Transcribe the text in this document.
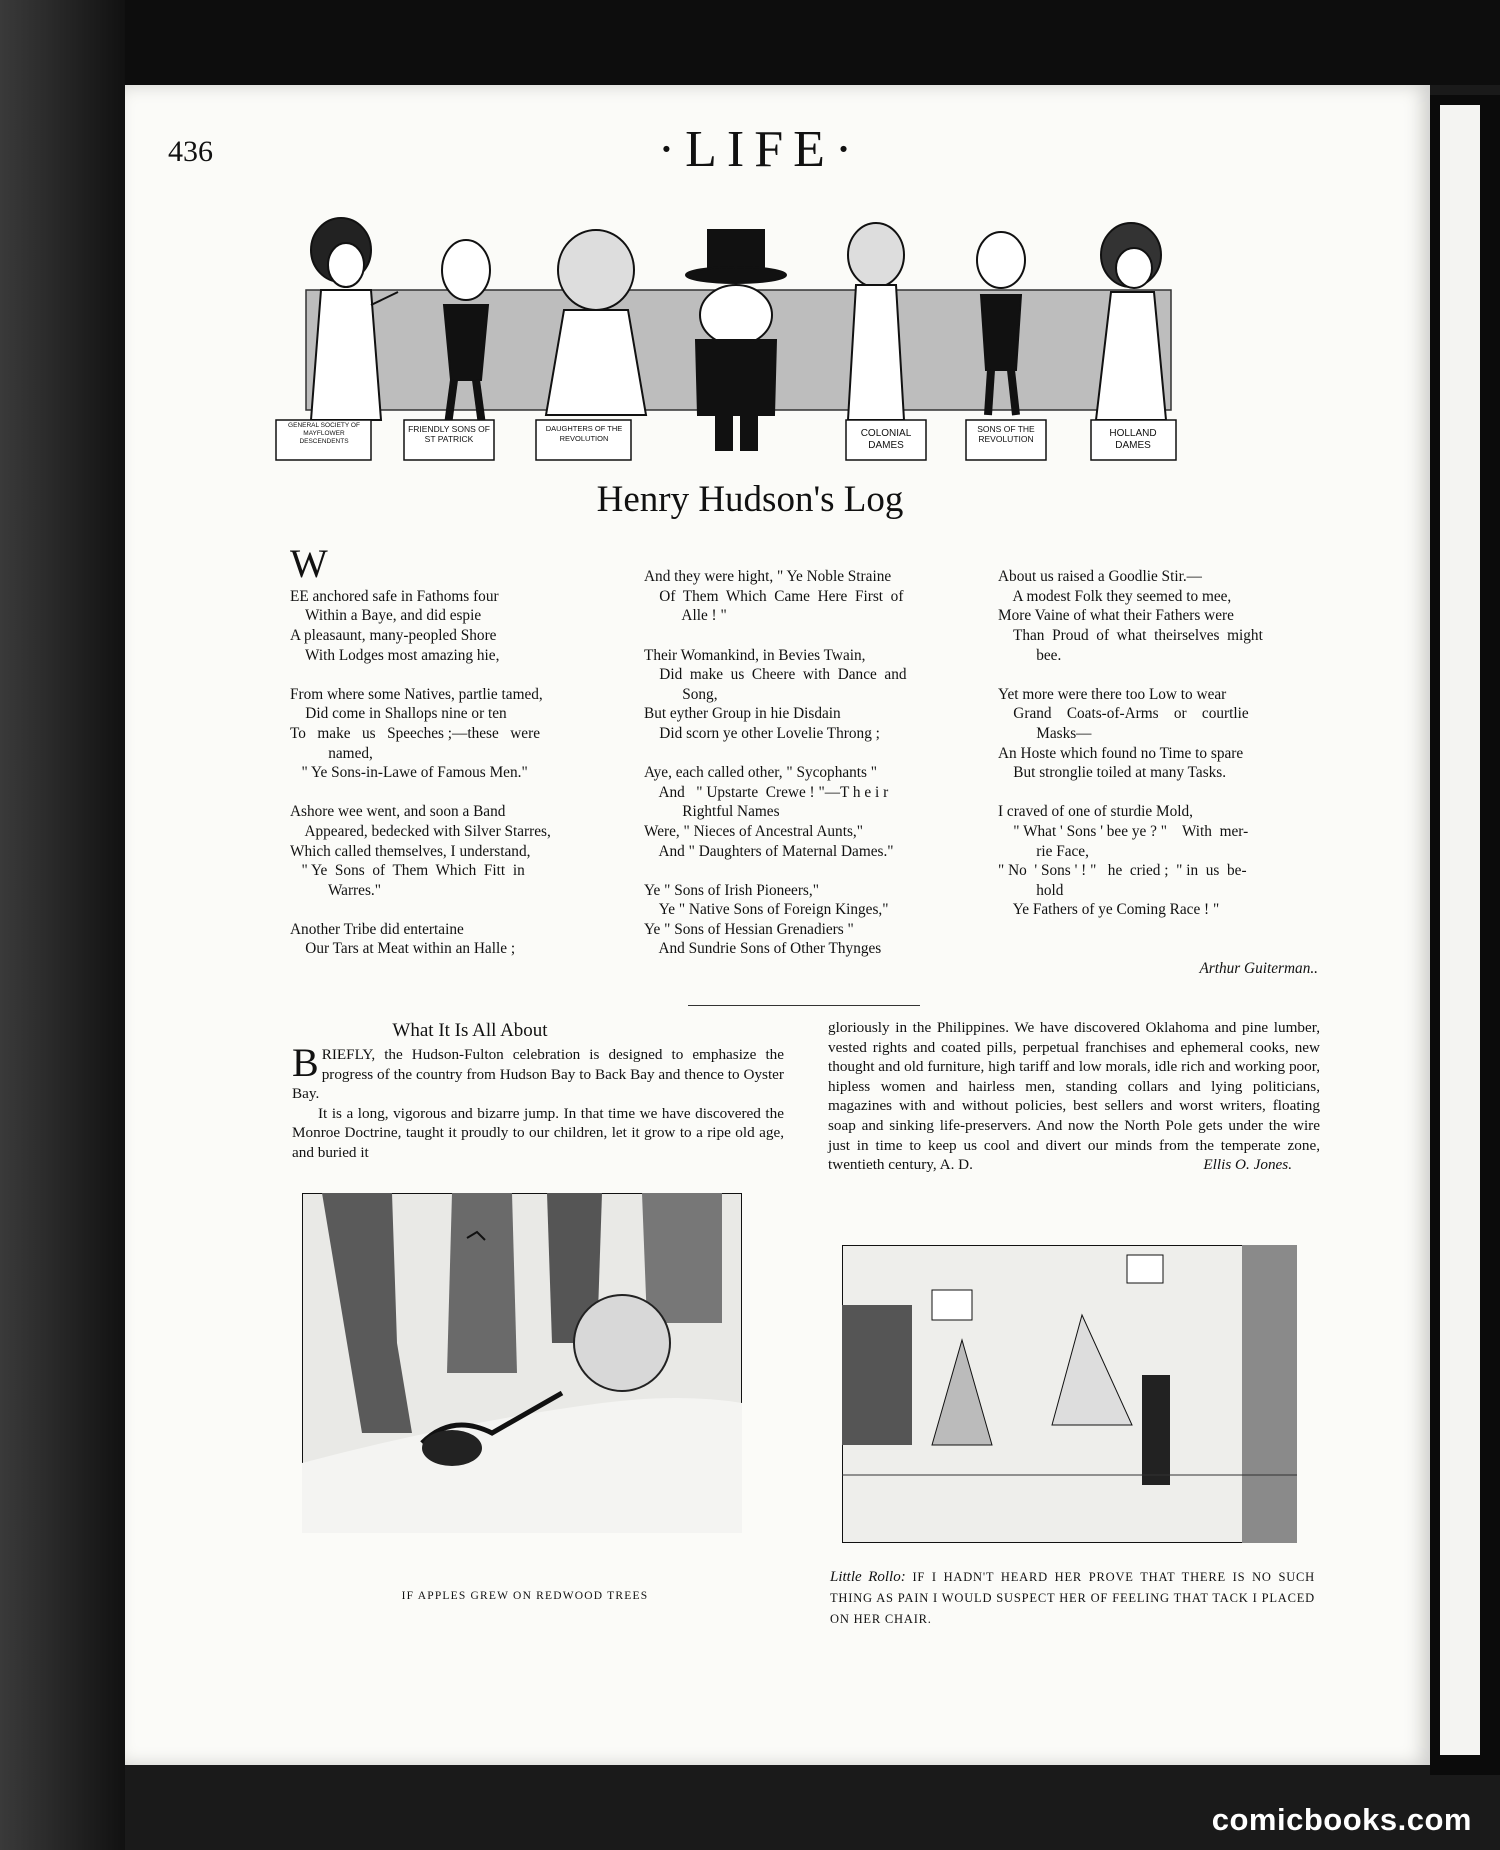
436	·LIFE·
GENERAL SOCIETY OF MAYFLOWER DESCENDENTS
FRIENDLY SONS OF ST PATRICK
DAUGHTERS OF THE REVOLUTION	COLONIAL DAMES
SONS OF THE REVOLUTION	HOLLAND DAMES
Henry Hudson's Log

W

EE anchored safe in Fathoms four
Within a Baye, and did espie
A pleasaunt, many-peopled Shore
With Lodges most amazing hie,
From where some Natives, partlie tamed,
Did come in Shallops nine or ten
To   make   us   Speeches ;—these   were
named,
" Ye Sons-in-Lawe of Famous Men."
Ashore wee went, and soon a Band
Appeared, bedecked with Silver Starres,
Which called themselves, I understand,
" Ye  Sons  of  Them  Which  Fitt  in
Warres."
Another Tribe did entertaine
Our Tars at Meat within an Halle ;

And they were hight, " Ye Noble Straine
Of  Them  Which  Came  Here  First  of
Alle ! "
Their Womankind, in Bevies Twain,
Did  make  us  Cheere  with  Dance  and
Song,
But eyther Group in hie Disdain
Did scorn ye other Lovelie Throng ;
Aye, each called other, " Sycophants "
And   " Upstarte  Crewe ! "—T h e i r
Rightful Names
Were, " Nieces of Ancestral Aunts,"
And " Daughters of Maternal Dames."
Ye " Sons of Irish Pioneers,"
Ye " Native Sons of Foreign Kinges,"
Ye " Sons of Hessian Grenadiers "
And Sundrie Sons of Other Thynges

About us raised a Goodlie Stir.—
A modest Folk they seemed to mee,
More Vaine of what their Fathers were
Than  Proud  of  what  theirselves  might
bee.
Yet more were there too Low to wear
Grand    Coats-of-Arms    or    courtlie
Masks—
An Hoste which found no Time to spare
But stronglie toiled at many Tasks.
I craved of one of sturdie Mold,
" What ' Sons ' bee ye ? "    With  mer-
rie Face,
" No  ' Sons ' ! "   he  cried ;  " in  us  be-
hold
Ye Fathers of ye Coming Race ! "

Arthur Guiterman..

What It Is All About

BRIEFLY, the Hudson-Fulton celebration is designed to emphasize the progress of the country from Hudson Bay to Back Bay and thence to Oyster Bay.

It is a long, vigorous and bizarre jump. In that time we have discovered the Monroe Doctrine, taught it proudly to our children, let it grow to a ripe old age, and buried it

gloriously in the Philippines. We have discovered Oklahoma and pine lumber, vested rights and coated pills, perpetual franchises and ephemeral cooks, new thought and old furniture, high tariff and low morals, idle rich and working poor, hipless women and hairless men, standing collars and lying politicians, magazines with and without policies, best sellers and worst writers, floating soap and sinking life-preservers. And now the North Pole gets under the wire just in time to keep us cool and divert our minds from the temperate zone, twentieth century, A. D.	Ellis O. Jones.

IF APPLES GREW ON REDWOOD TREES
Little Rollo: IF I HADN'T HEARD HER PROVE THAT THERE IS NO SUCH THING AS PAIN I WOULD SUSPECT HER OF FEELING THAT TACK I PLACED ON HER CHAIR.
comicbooks.com
